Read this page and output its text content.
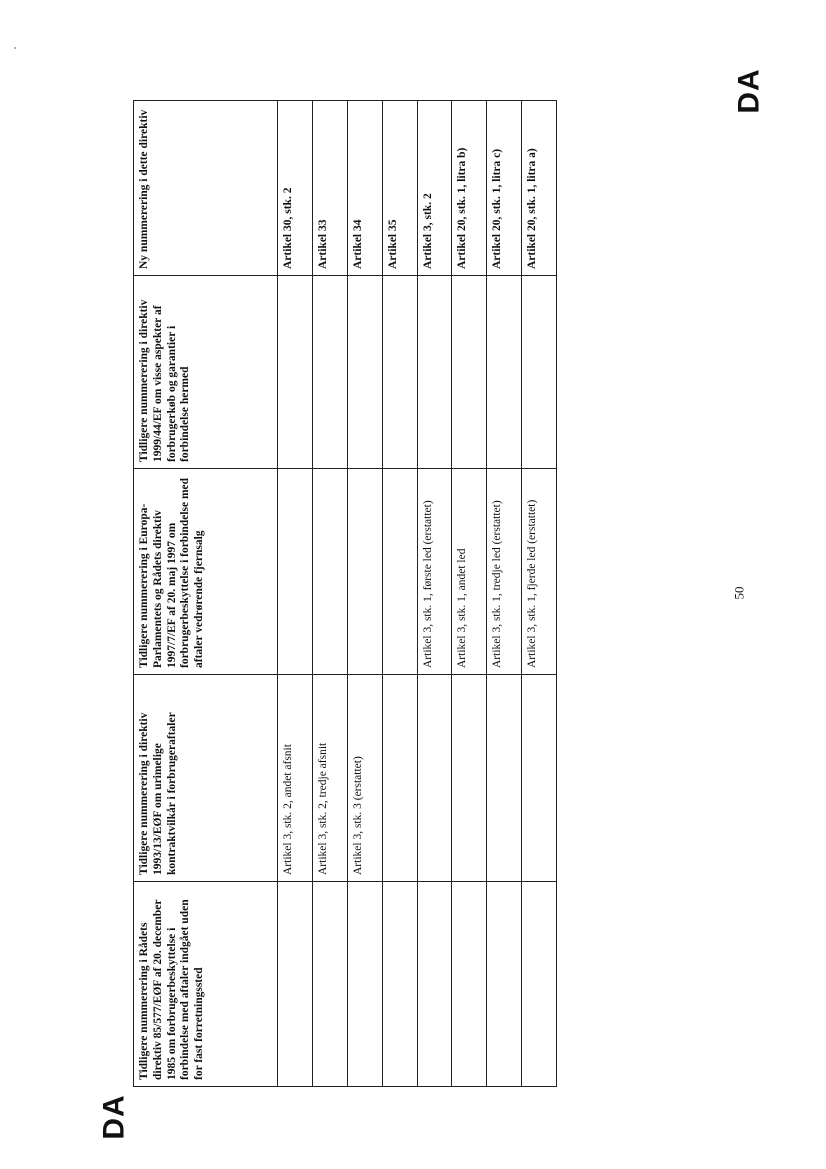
DA
DA
50
Tidligere nummerering i Rådets direktiv 85/577/EØF af 20. december 1985 om forbrugerbeskyttelse i forbindelse med aftaler indgået uden for fast forretningssted	Tidligere nummerering i direktiv 1993/13/EØF om urimelige kontraktvilkår i forbrugeraftaler	Tidligere nummerering i Europa-Parlamentets og Rådets direktiv 1997/7/EF af 20. maj 1997 om forbrugerbeskyttelse i forbindelse med aftaler vedrørende fjernsalg	Tidligere nummerering i direktiv 1999/44/EF om visse aspekter af forbrugerkøb og garantier i forbindelse hermed	Ny nummerering i dette direktiv
	Artikel 3, stk. 2, andet afsnit			Artikel 30, stk. 2
	Artikel 3, stk. 2, tredje afsnit			Artikel 33
	Artikel 3, stk. 3 (erstattet)			Artikel 34
				Artikel 35
		Artikel 3, stk. 1, første led (erstattet)		Artikel 3, stk. 2
		Artikel 3, stk. 1, andet led		Artikel 20, stk. 1, litra b)
		Artikel 3, stk. 1, tredje led (erstattet)		Artikel 20, stk. 1, litra c)
		Artikel 3, stk. 1, fjerde led (erstattet)		Artikel 20, stk. 1, litra a)
